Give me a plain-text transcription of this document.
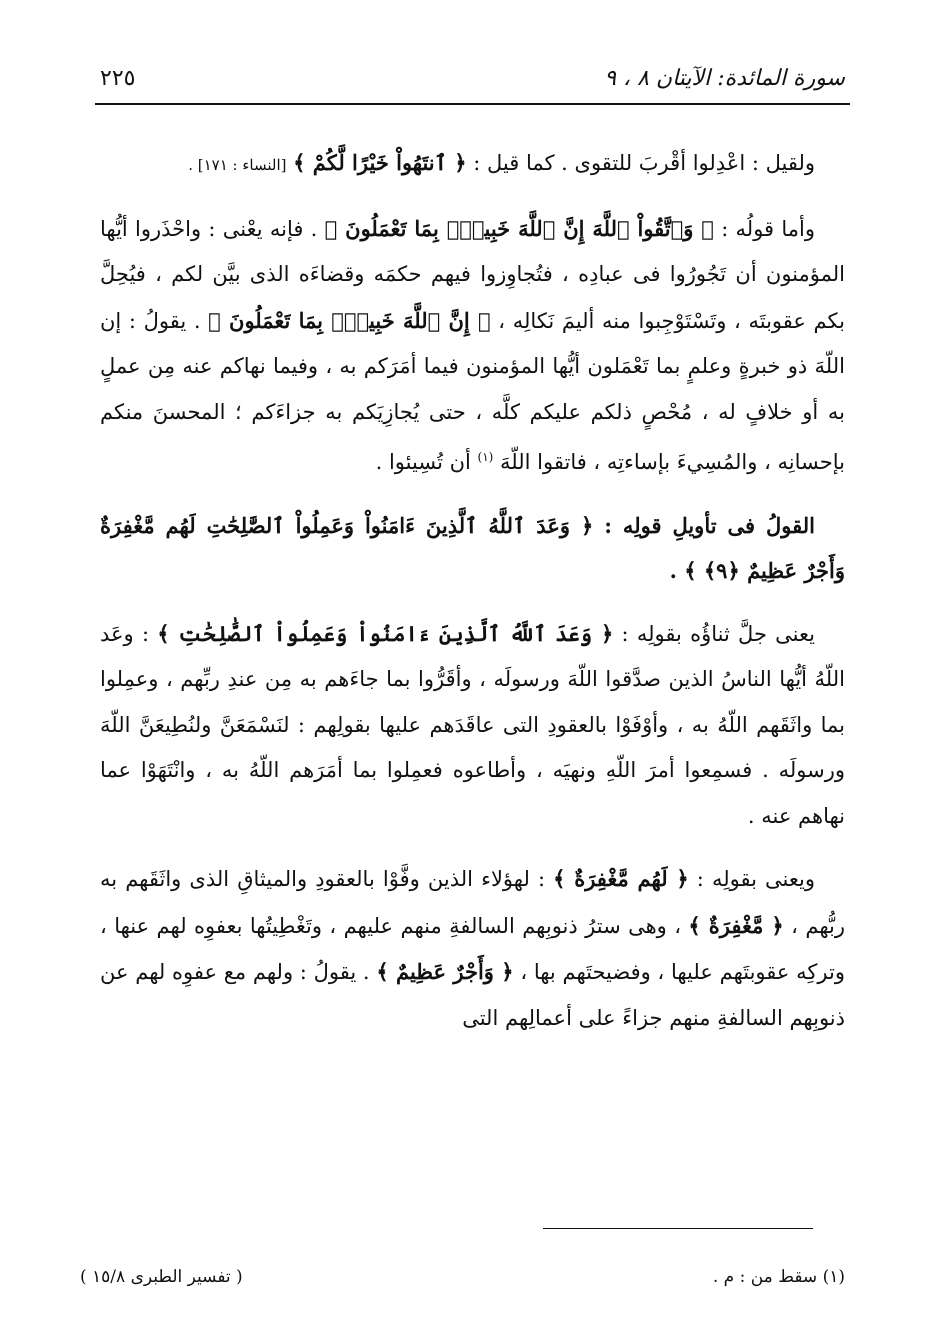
سورة المائدة: الآيتان ٨ ، ٩
٢٢٥

ولقيل : اعْدِلوا أقْربَ للتقوى . كما قيل : ﴿ ٱنتَهُواْ خَيْرًا لَّكُمْ ﴾ [النساء : ١٧١] .

وأما قولُه : ﴿ وَٱتَّقُواْ ٱللَّهَ إِنَّ ٱللَّهَ خَبِيرٌۢ بِمَا تَعْمَلُونَ ﴾ . فإنه يعْنى : واحْذَروا أيُّها المؤمنون أن تَجُورُوا فى عبادِه ، فتُجاوِزوا فيهم حكمَه وقضاءَه الذى بيَّن لكم ، فيُحِلَّ بكم عقوبتَه ، وتَسْتَوْجِبوا منه أليمَ نَكالِه ، ﴿ إِنَّ ٱللَّهَ خَبِيرٌۢ بِمَا تَعْمَلُونَ ﴾ . يقولُ : إن اللّهَ ذو خبرةٍ وعلمٍ بما تَعْمَلون أيُّها المؤمنون فيما أمَرَكم به ، وفيما نهاكم عنه مِن عملٍ به أو خلافٍ له ، مُحْصٍ ذلكم عليكم كلَّه ، حتى يُجازِيَكم به جزاءَكم ؛ المحسنَ منكم بإحسانِه ، والمُسِيءَ بإساءتِه ، فاتقوا اللّهَ $^{(١)}$ أن تُسِيئوا .

القولُ فى تأويلِ قولِه : ﴿ وَعَدَ ٱللَّهُ ٱلَّذِينَ ءَامَنُواْ وَعَمِلُواْ ٱلصَّٰلِحَٰتِ لَهُم مَّغْفِرَةٌ وَأَجْرٌ عَظِيمٌ ﴿٩﴾ ﴾ .

يعنى جلَّ ثناؤُه بقولِه : ﴿ وَعَدَ ٱللَّهُ ٱلَّذِينَ ءَامَنُواْ وَعَمِلُواْ ٱلصَّٰلِحَٰتِ ﴾ : وعَد اللّهُ أيُّها الناسُ الذين صدَّقوا اللّهَ ورسولَه ، وأقَرُّوا بما جاءَهم به مِن عندِ ربِّهم ، وعمِلوا بما واثَقَهم اللّهُ به ، وأوْفَوْا بالعقودِ التى عاقَدَهم عليها بقولِهم : لنَسْمَعَنَّ ولنُطِيعَنَّ اللّهَ ورسولَه . فسمِعوا أمرَ اللّهِ ونهيَه ، وأطاعوه فعمِلوا بما أمَرَهم اللّهُ به ، وانْتَهَوْا عما نهاهم عنه .

ويعنى بقولِه : ﴿ لَهُم مَّغْفِرَةٌ ﴾ : لهؤلاء الذين وفَّوْا بالعقودِ والميثاقِ الذى واثَقَهم به ربُّهم ، ﴿ مَّغْفِرَةٌ ﴾ ، وهى سترُ ذنوبِهم السالفةِ منهم عليهم ، وتَغْطِيتُها بعفوِه لهم عنها ، وتركِه عقوبتَهم عليها ، وفضيحتَهم بها ، ﴿ وَأَجْرٌ عَظِيمٌ ﴾ . يقولُ : ولهم مع عفوِه لهم عن ذنوبِهم السالفةِ منهم جزاءً على أعمالِهم التى

(١) سقط من : م .
( تفسير الطبرى ١٥/٨ )
